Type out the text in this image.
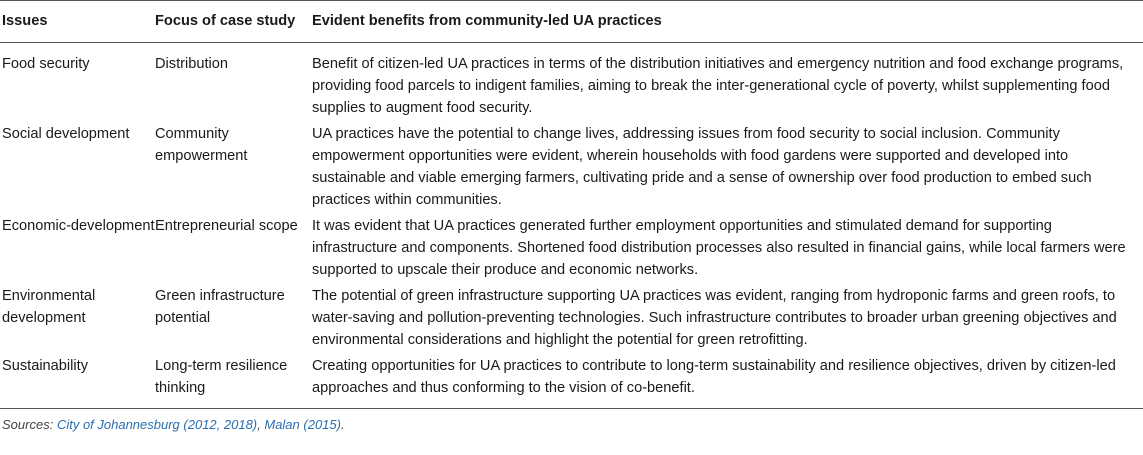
Issues	Focus of case study	Evident benefits from community-led UA practices
Food security	Distribution	Benefit of citizen-led UA practices in terms of the distribution initiatives and emergency nutrition and food exchange programs, providing food parcels to indigent families, aiming to break the inter-generational cycle of poverty, whilst supplementing food supplies to augment food security.
Social development	Community empowerment	UA practices have the potential to change lives, addressing issues from food security to social inclusion. Community empowerment opportunities were evident, wherein households with food gardens were supported and developed into sustainable and viable emerging farmers, cultivating pride and a sense of ownership over food production to embed such practices within communities.
Economic-development	Entrepreneurial scope	It was evident that UA practices generated further employment opportunities and stimulated demand for supporting infrastructure and components. Shortened food distribution processes also resulted in financial gains, while local farmers were supported to upscale their produce and economic networks.
Environmental development	Green infrastructure potential	The potential of green infrastructure supporting UA practices was evident, ranging from hydroponic farms and green roofs, to water-saving and pollution-preventing technologies. Such infrastructure contributes to broader urban greening objectives and environmental considerations and highlight the potential for green retrofitting.
Sustainability	Long-term resilience thinking	Creating opportunities for UA practices to contribute to long-term sustainability and resilience objectives, driven by citizen-led approaches and thus conforming to the vision of co-benefit.
Sources: City of Johannesburg (2012, 2018), Malan (2015).
